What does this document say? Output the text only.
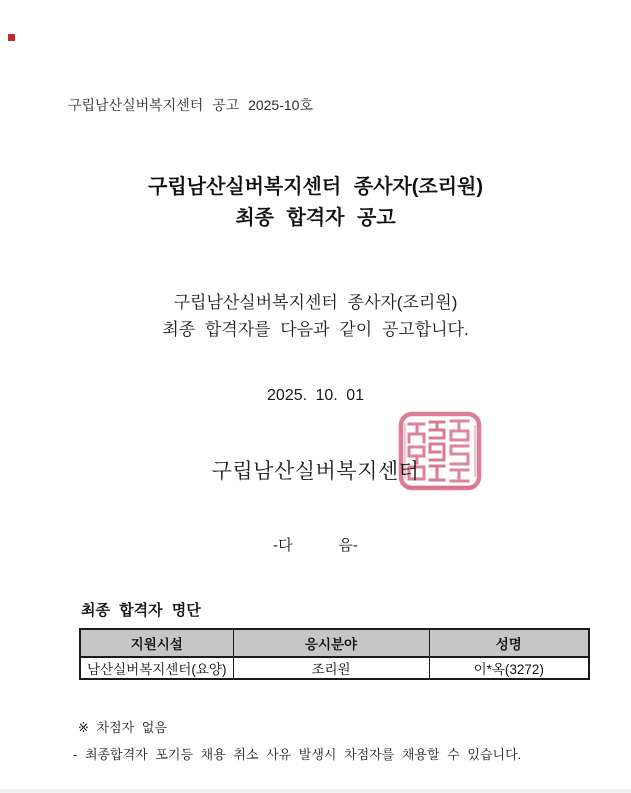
구립남산실버복지센터 공고 2025-10호
구립남산실버복지센터 종사자(조리원)
최종 합격자 공고
구립남산실버복지센터 종사자(조리원)
최종 합격자를 다음과 같이 공고합니다.
2025. 10. 01
구립남산실버복지센터
-다           음-
최종 합격자 명단
지원시설	응시분야	성명
남산실버복지센터(요양)	조리원	이*옥(3272)
※ 차점자 없음
- 최종합격자 포기등 채용 취소 사유 발생시 차점자를 채용할 수 있습니다.
